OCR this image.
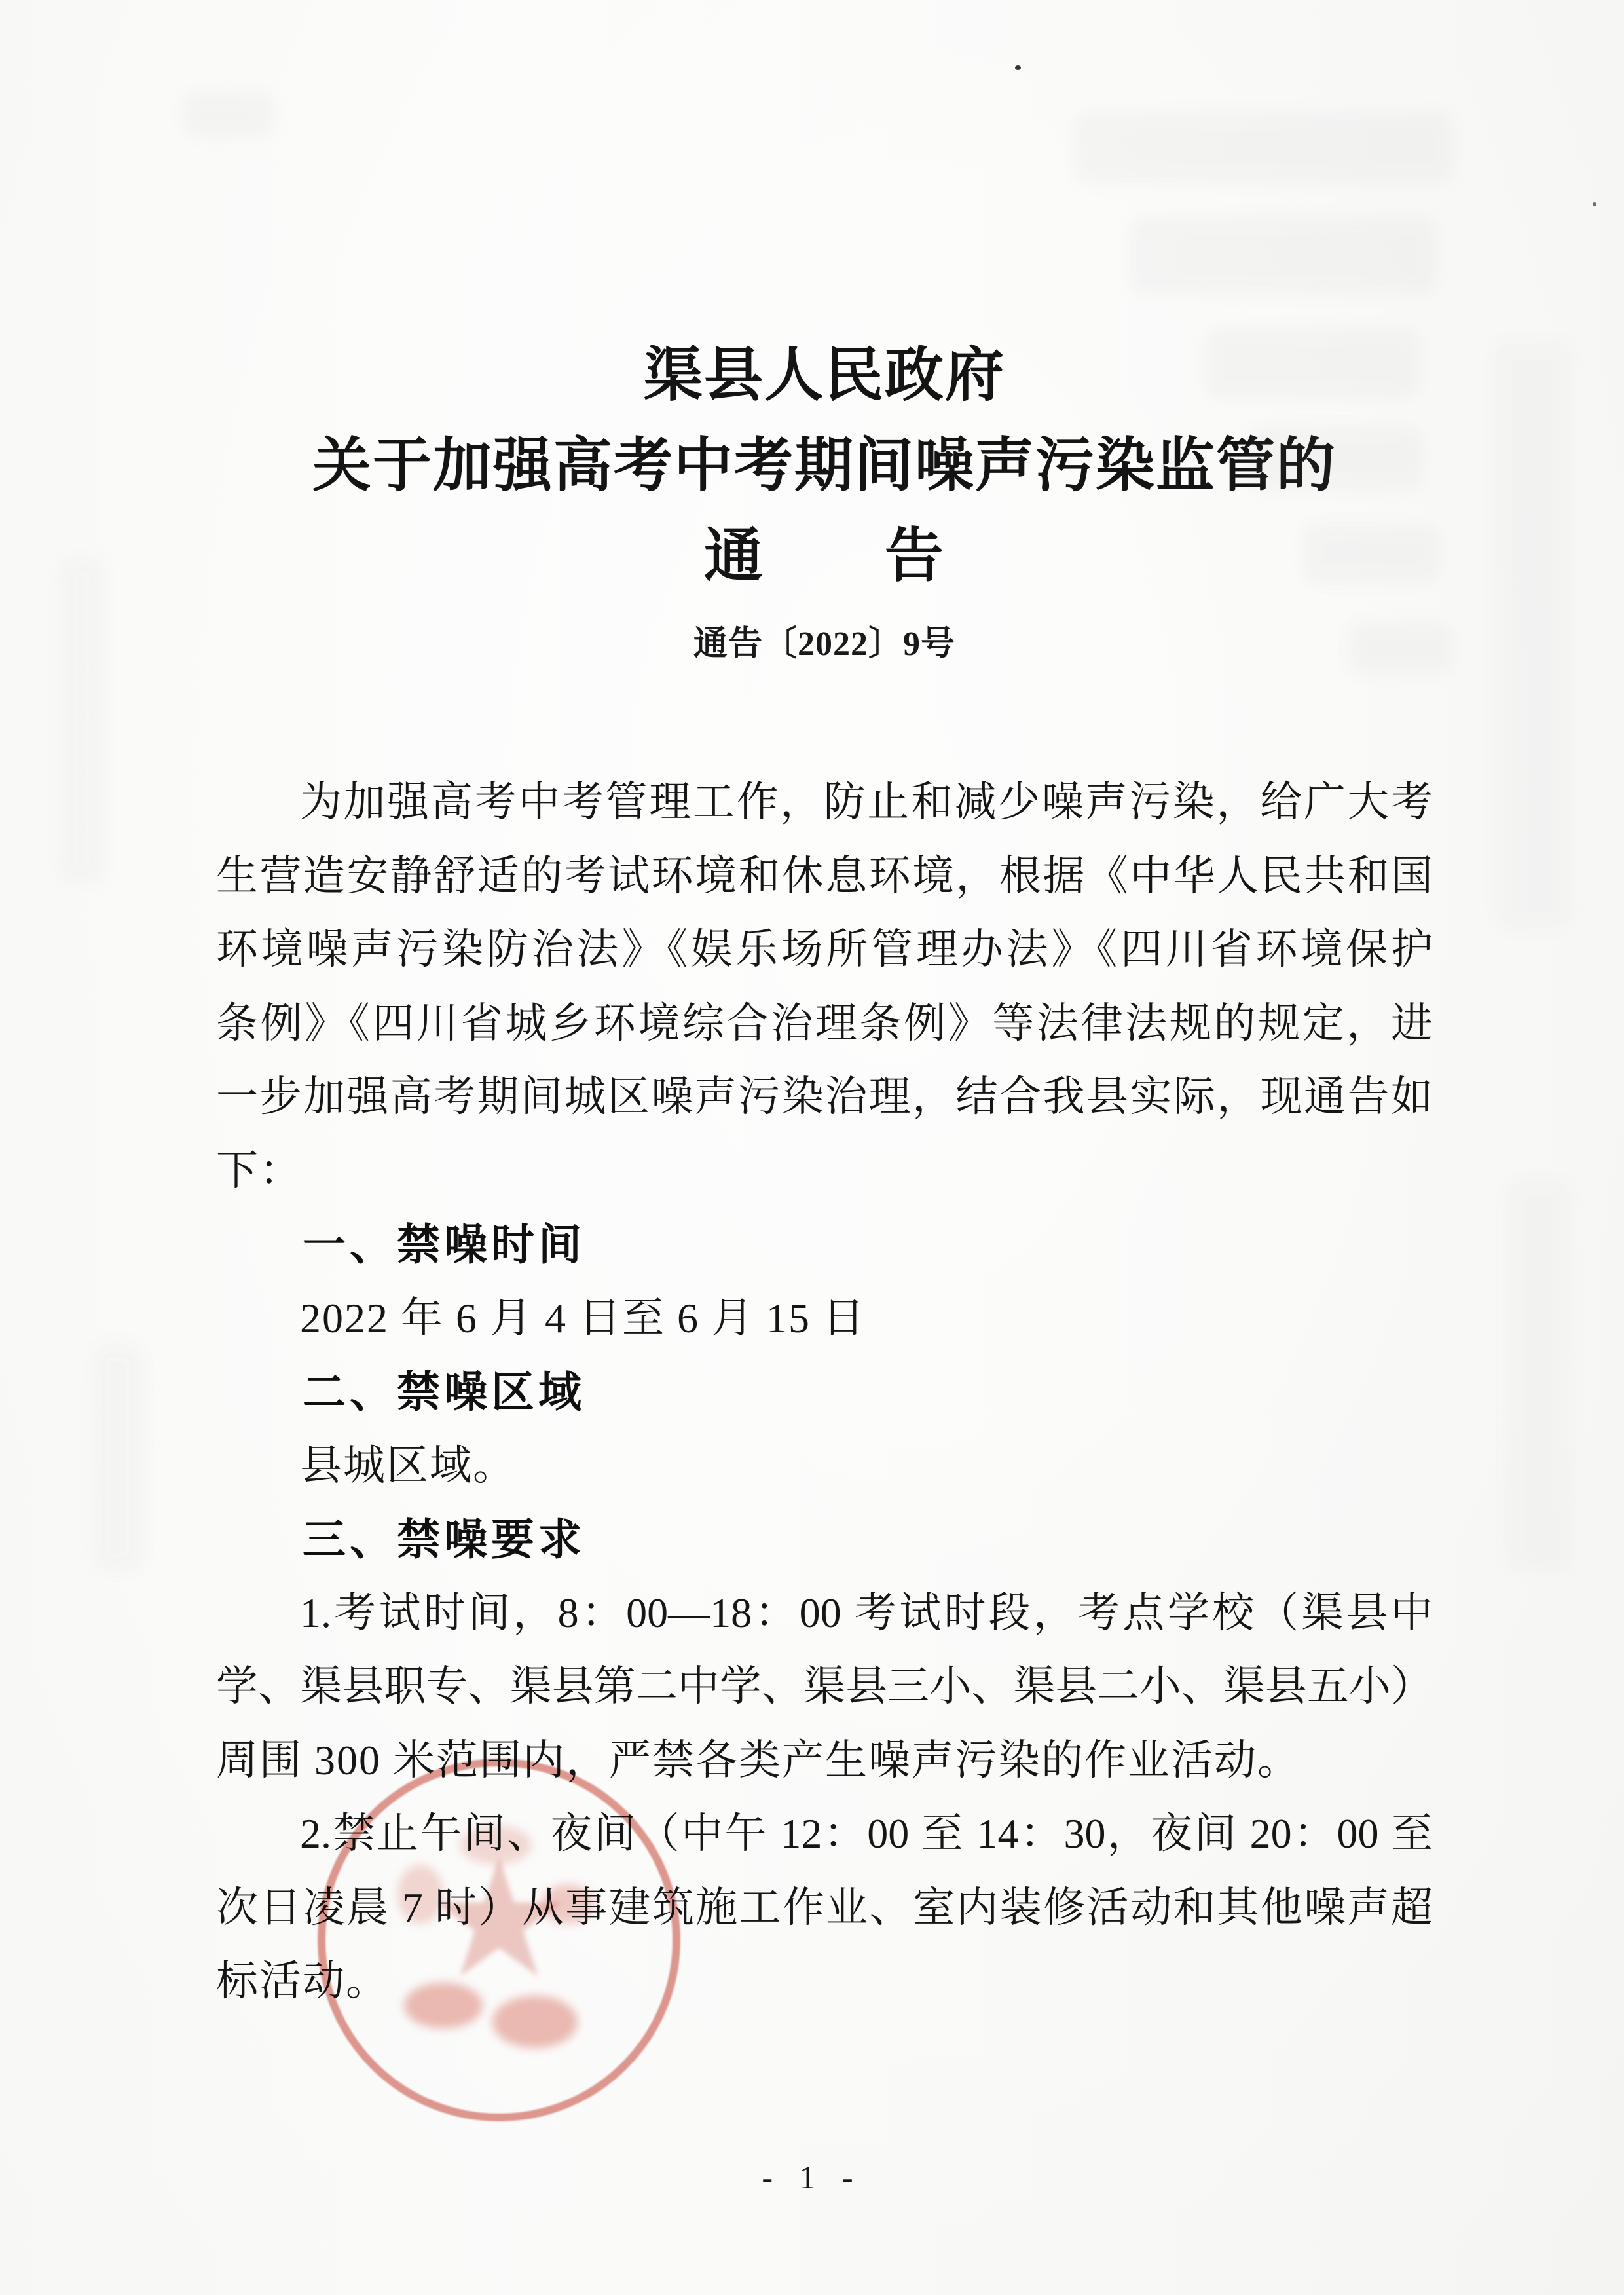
渠县人民政府
关于加强高考中考期间噪声污染监管的
通　　告
通告〔2022〕9号

为加强高考中考管理工作，防止和减少噪声污染，给广大考

生营造安静舒适的考试环境和休息环境，根据《中华人民共和国

环境噪声污染防治法》《娱乐场所管理办法》《四川省环境保护

条例》《四川省城乡环境综合治理条例》等法律法规的规定，进

一步加强高考期间城区噪声污染治理，结合我县实际，现通告如

下：

一、禁噪时间

2022 年 6 月 4 日至 6 月 15 日

二、禁噪区域

县城区域。

三、禁噪要求

1.考试时间，8：00—18：00 考试时段，考点学校（渠县中

学、渠县职专、渠县第二中学、渠县三小、渠县二小、渠县五小）

周围 300 米范围内，严禁各类产生噪声污染的作业活动。

2.禁止午间、夜间（中午 12：00 至 14：30，夜间 20：00 至

次日凌晨 7 时）从事建筑施工作业、室内装修活动和其他噪声超

标活动。 ★
- 1 -
